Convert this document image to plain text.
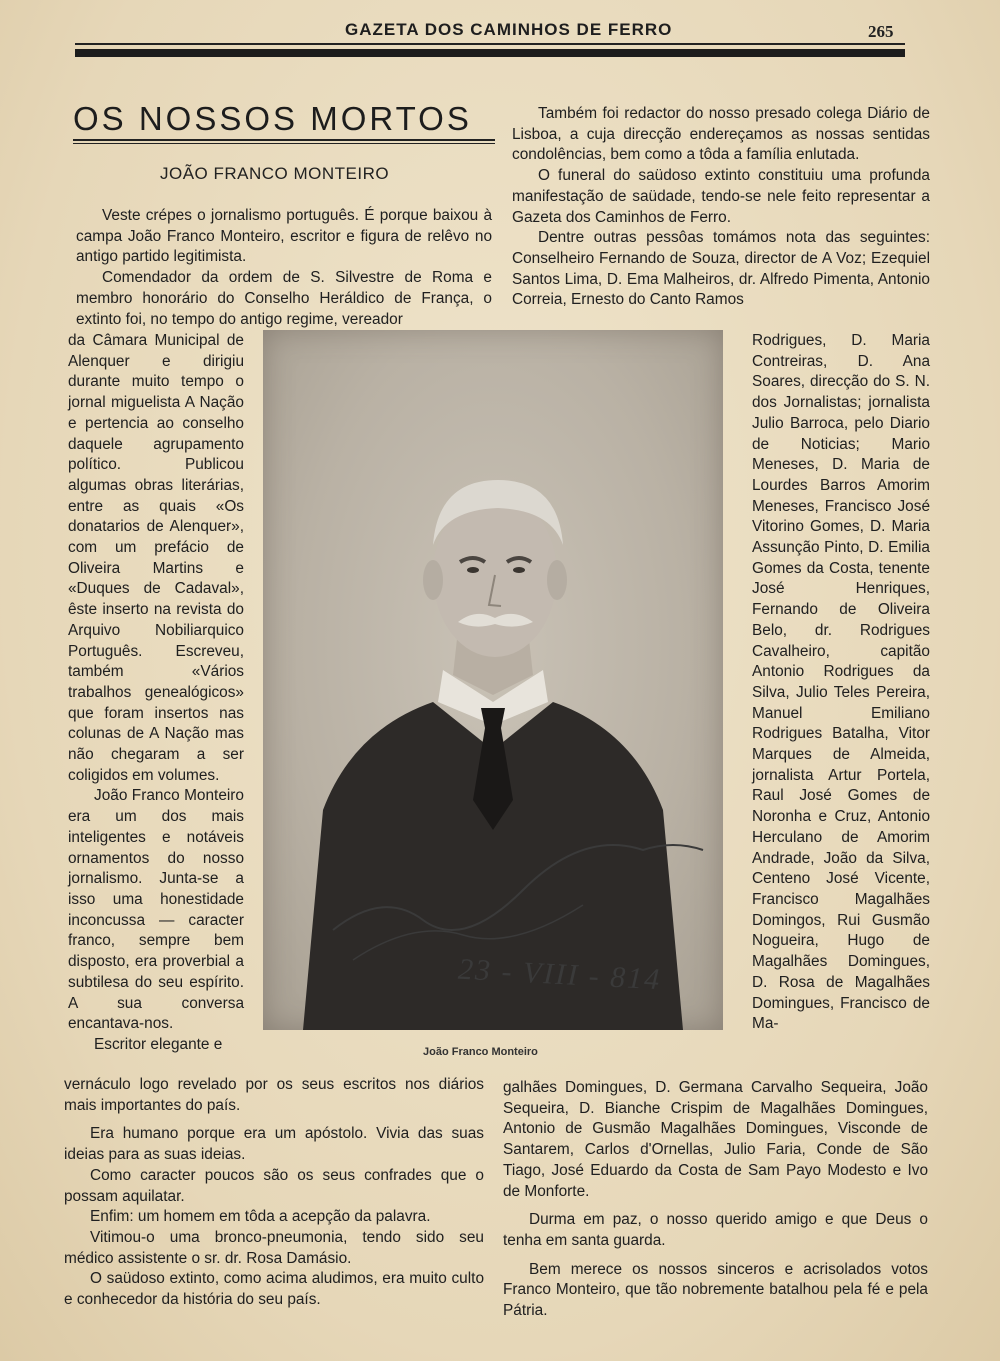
GAZETA DOS CAMINHOS DE FERRO	265
OS NOSSOS MORTOS
JOÃO FRANCO MONTEIRO

Veste crépes o jornalismo português. É porque baixou à campa João Franco Monteiro, escritor e figura de relêvo no antigo partido legitimista.

Comendador da ordem de S. Silvestre de Roma e membro honorário do Conselho Heráldico de França, o extinto foi, no tempo do antigo regime, vereador

da Câmara Municipal de Alenquer e dirigiu durante muito tempo o jornal miguelista A Nação e pertencia ao conselho daquele agrupamento político. Publicou algumas obras literárias, entre as quais «Os donatarios de Alenquer», com um prefácio de Oliveira Martins e «Duques de Cadaval», êste inserto na revista do Arquivo Nobiliarquico Português. Escreveu, também «Vários trabalhos genealógicos» que foram insertos nas colunas de A Nação mas não chegaram a ser coligidos em volumes.

João Franco Monteiro era um dos mais inteligentes e notáveis ornamentos do nosso jornalismo. Junta-se a isso uma honestidade inconcussa — caracter franco, sempre bem disposto, era proverbial a subtilesa do seu espírito. A sua conversa encantava-nos.

Escritor elegante e

vernáculo logo revelado por os seus escritos nos diários mais importantes do país.

Era humano porque era um apóstolo. Vivia das suas ideias para as suas ideias.

Como caracter poucos são os seus confrades que o possam aquilatar.

Enfim: um homem em tôda a acepção da palavra.

Vitimou-o uma bronco-pneumonia, tendo sido seu médico assistente o sr. dr. Rosa Damásio.

O saüdoso extinto, como acima aludimos, era muito culto e conhecedor da história do seu país.

Também foi redactor do nosso presado colega Diário de Lisboa, a cuja direcção endereçamos as nossas sentidas condolências, bem como a tôda a família enlutada.

O funeral do saüdoso extinto constituiu uma profunda manifestação de saüdade, tendo-se nele feito representar a Gazeta dos Caminhos de Ferro.

Dentre outras pessôas tomámos nota das seguintes: Conselheiro Fernando de Souza, director de A Voz; Ezequiel Santos Lima, D. Ema Malheiros, dr. Alfredo Pimenta, Antonio Correia, Ernesto do Canto Ramos

Rodrigues, D. Maria Contreiras, D. Ana Soares, direcção do S. N. dos Jornalistas; jornalista Julio Barroca, pelo Diario de Noticias; Mario Meneses, D. Maria de Lourdes Barros Amorim Meneses, Francisco José Vitorino Gomes, D. Maria Assunção Pinto, D. Emilia Gomes da Costa, tenente José Henriques, Fernando de Oliveira Belo, dr. Rodrigues Cavalheiro, capitão Antonio Rodrigues da Silva, Julio Teles Pereira, Manuel Emiliano Rodrigues Batalha, Vitor Marques de Almeida, jornalista Artur Portela, Raul José Gomes de Noronha e Cruz, Antonio Herculano de Amorim Andrade, João da Silva, Centeno José Vicente, Francisco Magalhães Domingos, Rui Gusmão Nogueira, Hugo de Magalhães Domingues, D. Rosa de Magalhães Domingues, Francisco de Ma-

galhães Domingues, D. Germana Carvalho Sequeira, João Sequeira, D. Bianche Crispim de Magalhães Domingues, Antonio de Gusmão Magalhães Domingues, Visconde de Santarem, Carlos d'Ornellas, Julio Faria, Conde de São Tiago, José Eduardo da Costa de Sam Payo Modesto e Ivo de Monforte.

Durma em paz, o nosso querido amigo e que Deus o tenha em santa guarda.

Bem merece os nossos sinceros e acrisolados votos Franco Monteiro, que tão nobremente batalhou pela fé e pela Pátria.

23 - VIII - 814
João Franco Monteiro
